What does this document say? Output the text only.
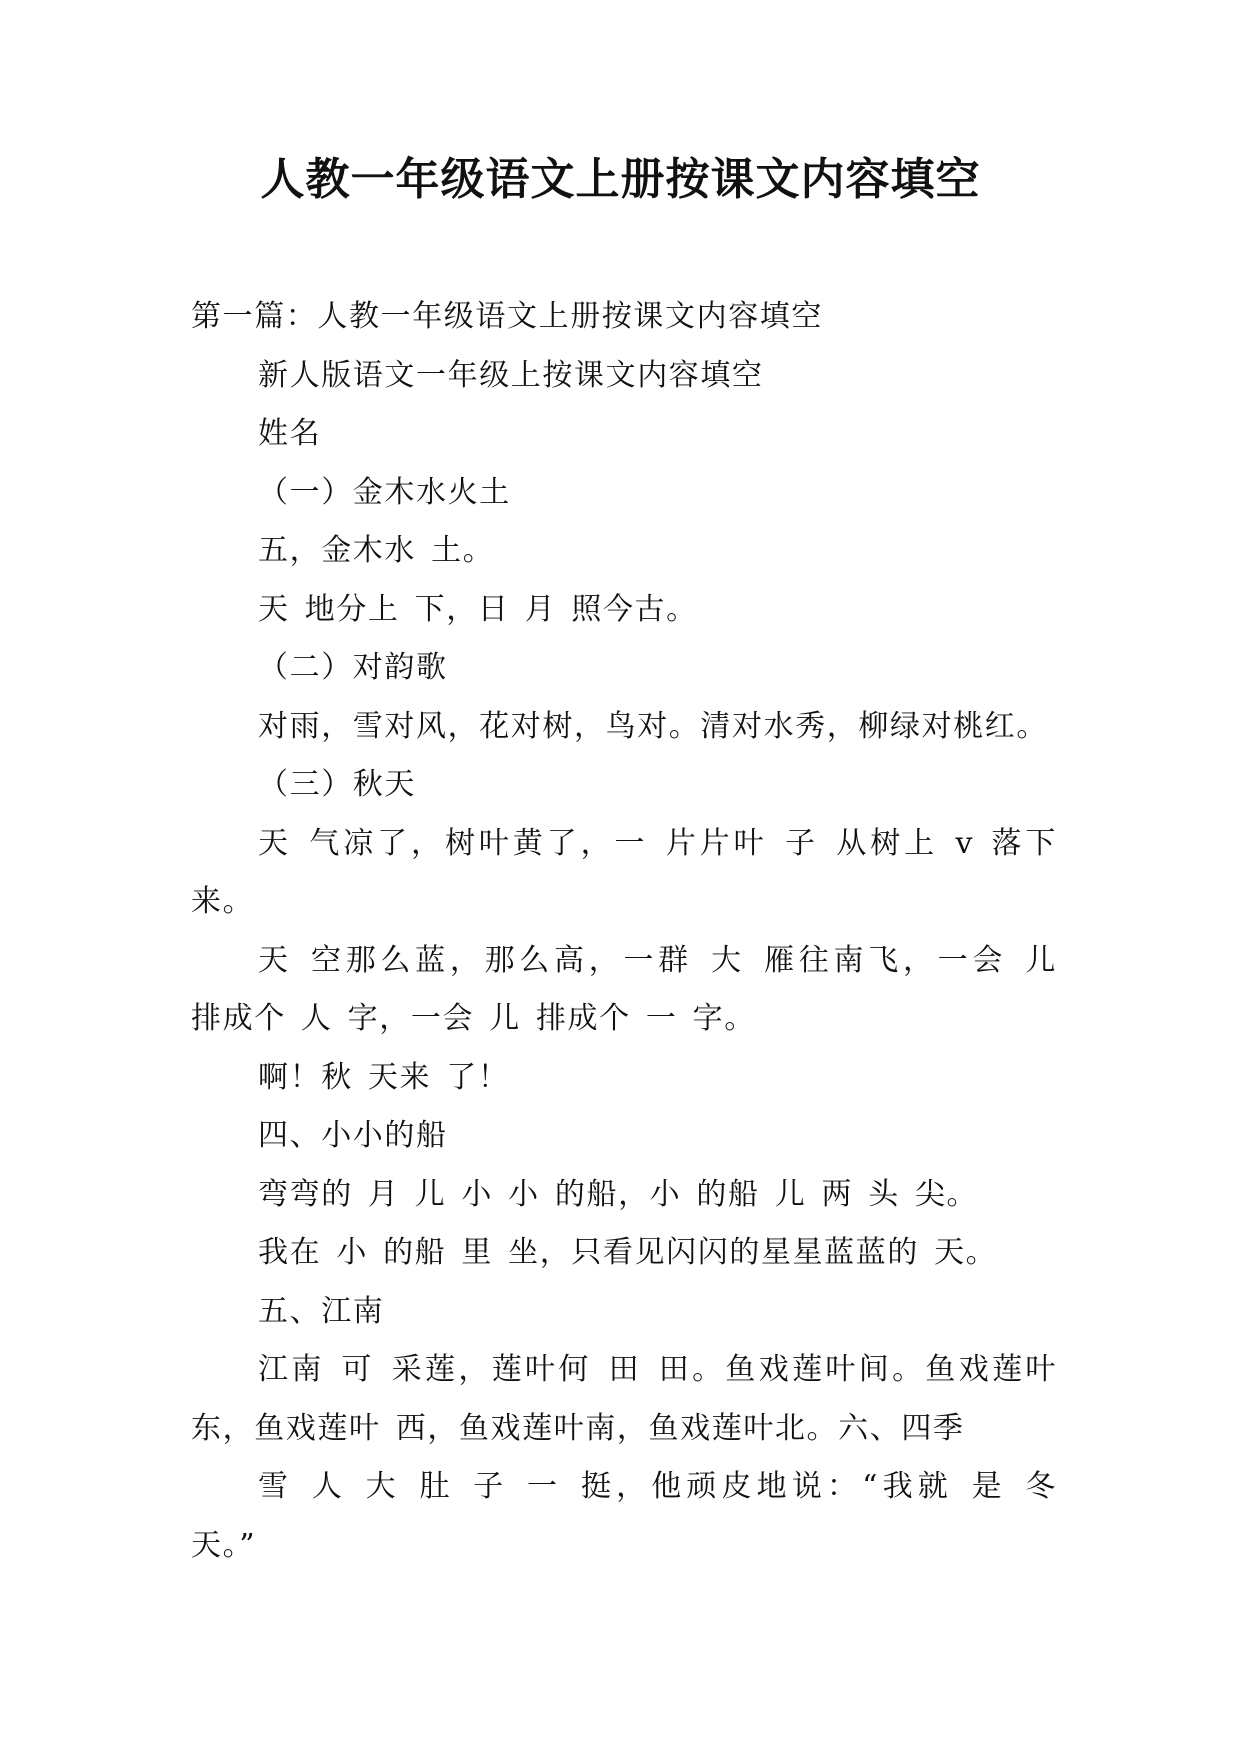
人教一年级语文上册按课文内容填空
第一篇：人教一年级语文上册按课文内容填空
新人版语文一年级上按课文内容填空
姓名
（一）金木水火土
五，金木水 土。
天 地分上 下，日 月 照今古。
（二）对韵歌
对雨，雪对风，花对树，鸟对。清对水秀，柳绿对桃红。
（三）秋天
天 气凉了，树叶黄了，一 片片叶 子 从树上 v 落下
来。
天 空那么蓝，那么高，一群 大 雁往南飞，一会 儿
排成个 人 字，一会 儿 排成个 一 字。
啊！秋 天来 了！
四、小小的船
弯弯的 月 儿 小 小 的船，小 的船 儿 两 头 尖。
我在 小 的船 里 坐，只看见闪闪的星星蓝蓝的 天。
五、江南
江南 可 采莲，莲叶何 田 田。鱼戏莲叶间。鱼戏莲叶
东，鱼戏莲叶 西，鱼戏莲叶南，鱼戏莲叶北。六、四季
雪 人 大 肚 子 一 挺，他顽皮地说：“我就 是 冬
天。”
